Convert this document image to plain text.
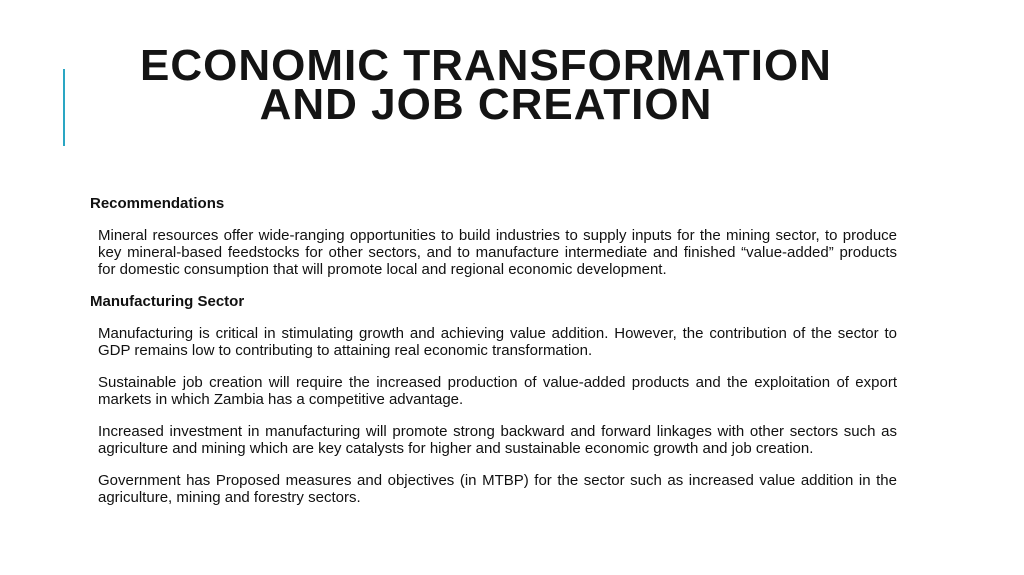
ECONOMIC TRANSFORMATION AND JOB CREATION
Recommendations

Mineral resources offer wide-ranging opportunities to build industries to supply inputs for the mining sector, to produce key mineral-based feedstocks for other sectors, and to manufacture intermediate and finished “value-added” products for domestic consumption that will promote local and regional economic development.

Manufacturing Sector

Manufacturing is critical in stimulating growth and achieving value addition. However, the contribution of the sector to GDP remains low to contributing to attaining real economic transformation.

Sustainable job creation will require the increased production of value-added products and the exploitation of export markets in which Zambia has a competitive advantage.

Increased investment in manufacturing will promote strong backward and forward linkages with other sectors such as agriculture and mining which are key catalysts for higher and sustainable economic growth and job creation.

Government has Proposed measures and objectives (in MTBP) for the sector such as increased value addition in the agriculture, mining and forestry sectors.
